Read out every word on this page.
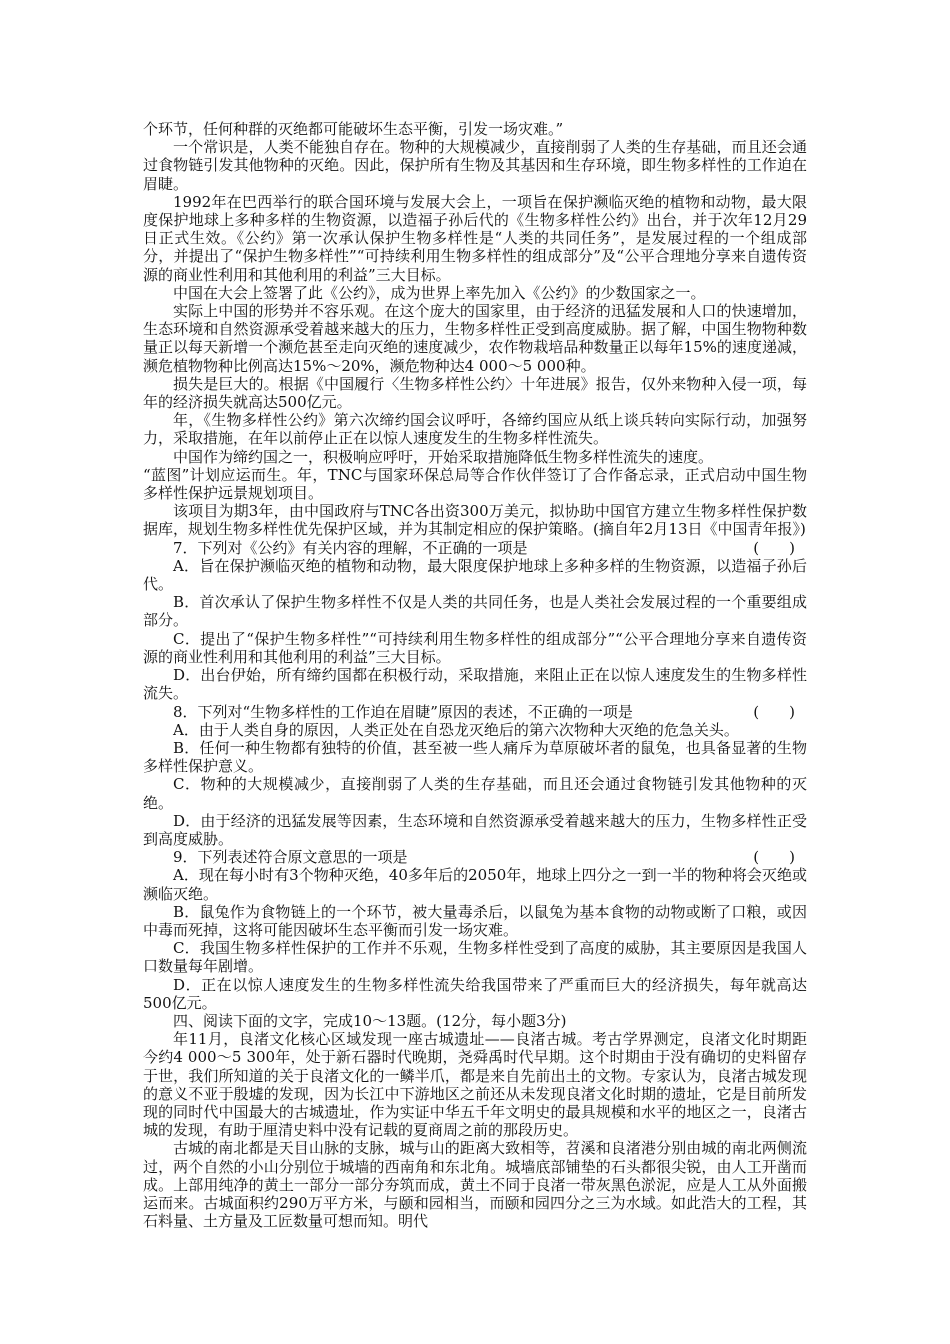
个环节，任何种群的灭绝都可能破坏生态平衡，引发一场灾难。”

一个常识是，人类不能独自存在。物种的大规模减少，直接削弱了人类的生存基础，而且还会通过食物链引发其他物种的灭绝。因此，保护所有生物及其基因和生存环境，即生物多样性的工作迫在眉睫。

1992年在巴西举行的联合国环境与发展大会上，一项旨在保护濒临灭绝的植物和动物，最大限度保护地球上多种多样的生物资源，以造福子孙后代的《生物多样性公约》出台，并于次年12月29日正式生效。《公约》第一次承认保护生物多样性是“人类的共同任务”，是发展过程的一个组成部分，并提出了“保护生物多样性”“可持续利用生物多样性的组成部分”及“公平合理地分享来自遗传资源的商业性利用和其他利用的利益”三大目标。

中国在大会上签署了此《公约》，成为世界上率先加入《公约》的少数国家之一。

实际上中国的形势并不容乐观。在这个庞大的国家里，由于经济的迅猛发展和人口的快速增加，生态环境和自然资源承受着越来越大的压力，生物多样性正受到高度威胁。据了解，中国生物物种数量正以每天新增一个濒危甚至走向灭绝的速度减少，农作物栽培品种数量正以每年15%的速度递减，濒危植物物种比例高达15%～20%，濒危物种达4 000～5 000种。

损失是巨大的。根据《中国履行〈生物多样性公约〉十年进展》报告，仅外来物种入侵一项，每年的经济损失就高达500亿元。

年，《生物多样性公约》第六次缔约国会议呼吁，各缔约国应从纸上谈兵转向实际行动，加强努力，采取措施，在年以前停止正在以惊人速度发生的生物多样性流失。

中国作为缔约国之一，积极响应呼吁，开始采取措施降低生物多样性流失的速度。

“蓝图”计划应运而生。年，TNC与国家环保总局等合作伙伴签订了合作备忘录，正式启动中国生物多样性保护远景规划项目。

该项目为期3年，由中国政府与TNC各出资300万美元，拟协助中国官方建立生物多样性保护数据库，规划生物多样性优先保护区域，并为其制定相应的保护策略。(摘自年2月13日《中国青年报》)

7．下列对《公约》有关内容的理解，不正确的一项是	(　　)

A．旨在保护濒临灭绝的植物和动物，最大限度保护地球上多种多样的生物资源，以造福子孙后代。

B．首次承认了保护生物多样性不仅是人类的共同任务，也是人类社会发展过程的一个重要组成部分。

C．提出了“保护生物多样性”“可持续利用生物多样性的组成部分”“公平合理地分享来自遗传资源的商业性利用和其他利用的利益”三大目标。

D．出台伊始，所有缔约国都在积极行动，采取措施，来阻止正在以惊人速度发生的生物多样性流失。

8．下列对“生物多样性的工作迫在眉睫”原因的表述，不正确的一项是	(　　)

A．由于人类自身的原因，人类正处在自恐龙灭绝后的第六次物种大灭绝的危急关头。

B．任何一种生物都有独特的价值，甚至被一些人痛斥为草原破坏者的鼠兔，也具备显著的生物多样性保护意义。

C．物种的大规模减少，直接削弱了人类的生存基础，而且还会通过食物链引发其他物种的灭绝。

D．由于经济的迅猛发展等因素，生态环境和自然资源承受着越来越大的压力，生物多样性正受到高度威胁。

9．下列表述符合原文意思的一项是	(　　)

A．现在每小时有3个物种灭绝，40多年后的2050年，地球上四分之一到一半的物种将会灭绝或濒临灭绝。

B．鼠兔作为食物链上的一个环节，被大量毒杀后，以鼠兔为基本食物的动物或断了口粮，或因中毒而死掉，这将可能因破坏生态平衡而引发一场灾难。

C．我国生物多样性保护的工作并不乐观，生物多样性受到了高度的威胁，其主要原因是我国人口数量每年剧增。

D．正在以惊人速度发生的生物多样性流失给我国带来了严重而巨大的经济损失，每年就高达500亿元。

四、阅读下面的文字，完成10～13题。(12分，每小题3分)

年11月，良渚文化核心区域发现一座古城遗址——良渚古城。考古学界测定，良渚文化时期距今约4 000～5 300年，处于新石器时代晚期，尧舜禹时代早期。这个时期由于没有确切的史料留存于世，我们所知道的关于良渚文化的一鳞半爪，都是来自先前出土的文物。专家认为，良渚古城发现的意义不亚于殷墟的发现，因为长江中下游地区之前还从未发现良渚文化时期的遗址，它是目前所发现的同时代中国最大的古城遗址，作为实证中华五千年文明史的最具规模和水平的地区之一，良渚古城的发现，有助于厘清史料中没有记载的夏商周之前的那段历史。

古城的南北都是天目山脉的支脉，城与山的距离大致相等，苕溪和良渚港分别由城的南北两侧流过，两个自然的小山分别位于城墙的西南角和东北角。城墙底部铺垫的石头都很尖锐，由人工开凿而成。上部用纯净的黄土一部分一部分夯筑而成，黄土不同于良渚一带灰黑色淤泥，应是人工从外面搬运而来。古城面积约290万平方米，与颐和园相当，而颐和园四分之三为水域。如此浩大的工程，其石料量、土方量及工匠数量可想而知。明代
